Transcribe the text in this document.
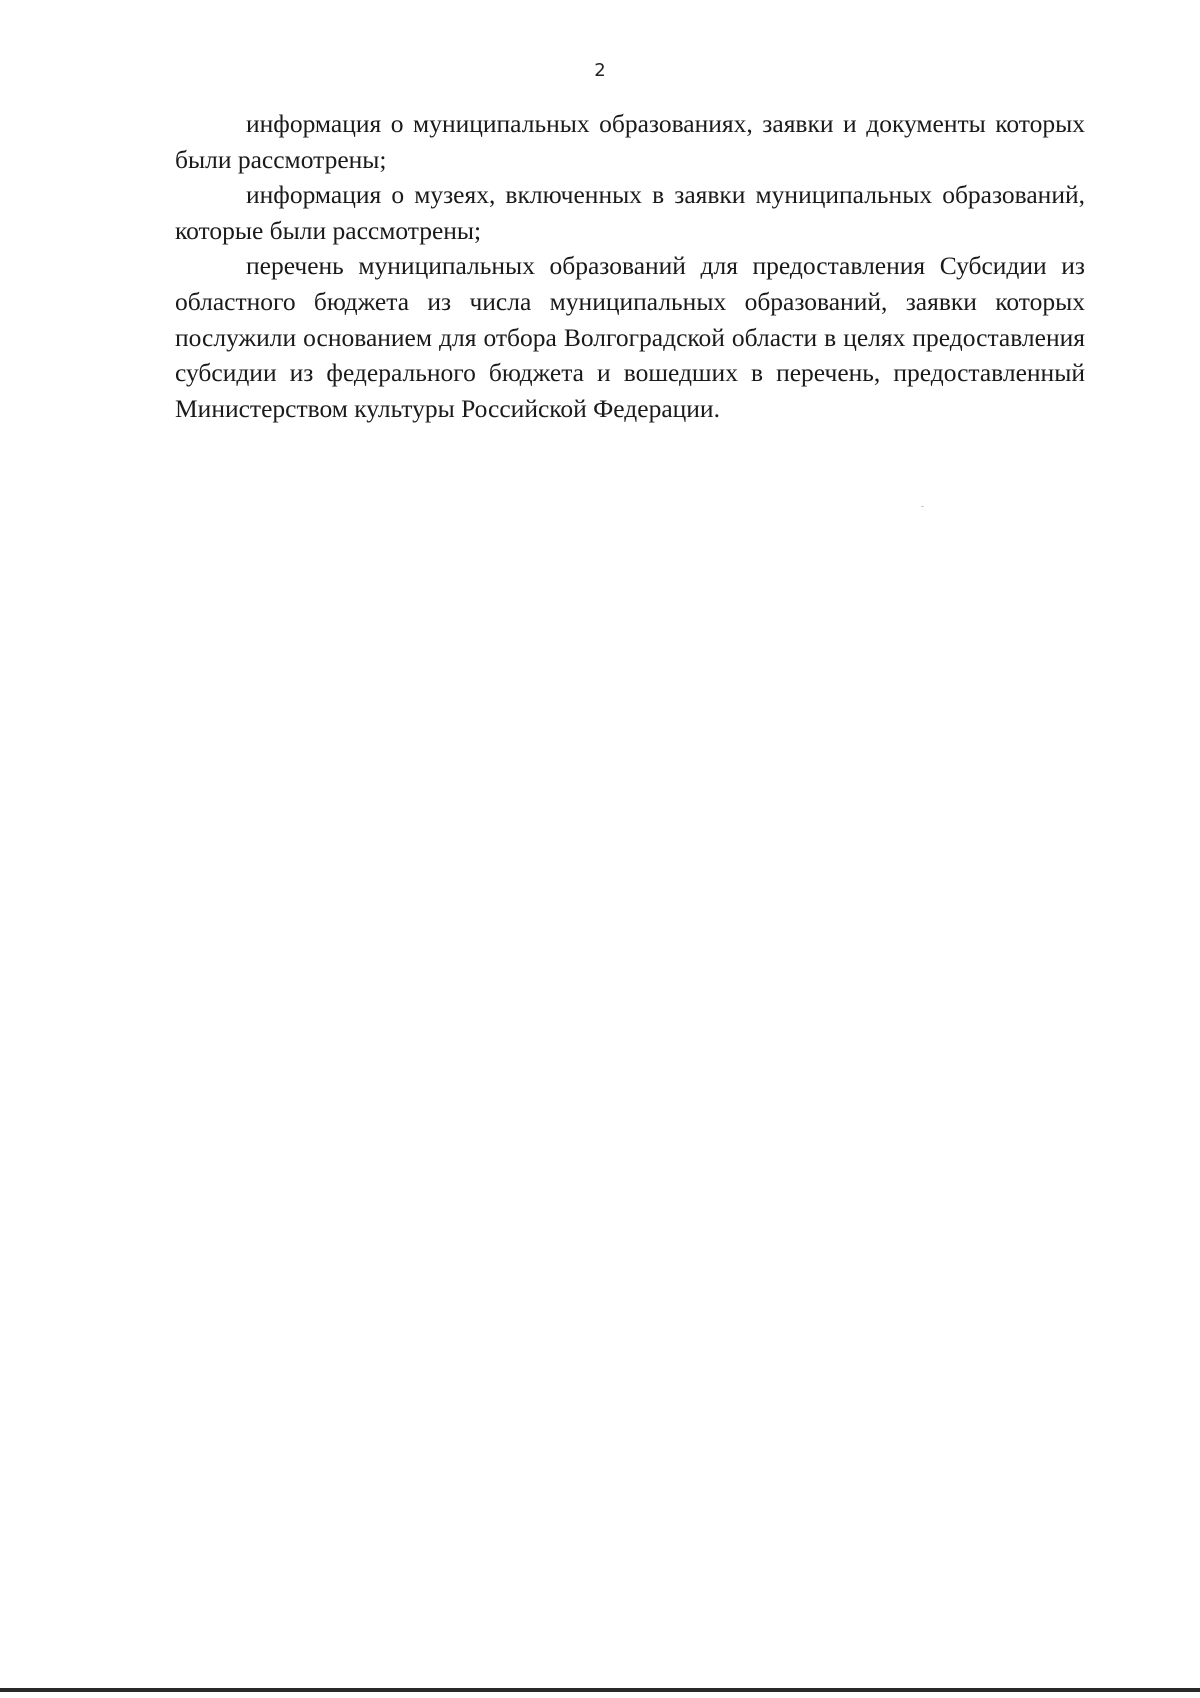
2

информация о муниципальных образованиях, заявки и документы которых были рассмотрены;

информация о музеях, включенных в заявки муниципальных образований, которые были рассмотрены;

перечень муниципальных образований для предоставления Субсидии из областного бюджета из числа муниципальных образований, заявки которых послужили основанием для отбора Волгоградской области в целях предоставления субсидии из федерального бюджета и вошедших в перечень, предоставленный Министерством культуры Российской Федерации.
